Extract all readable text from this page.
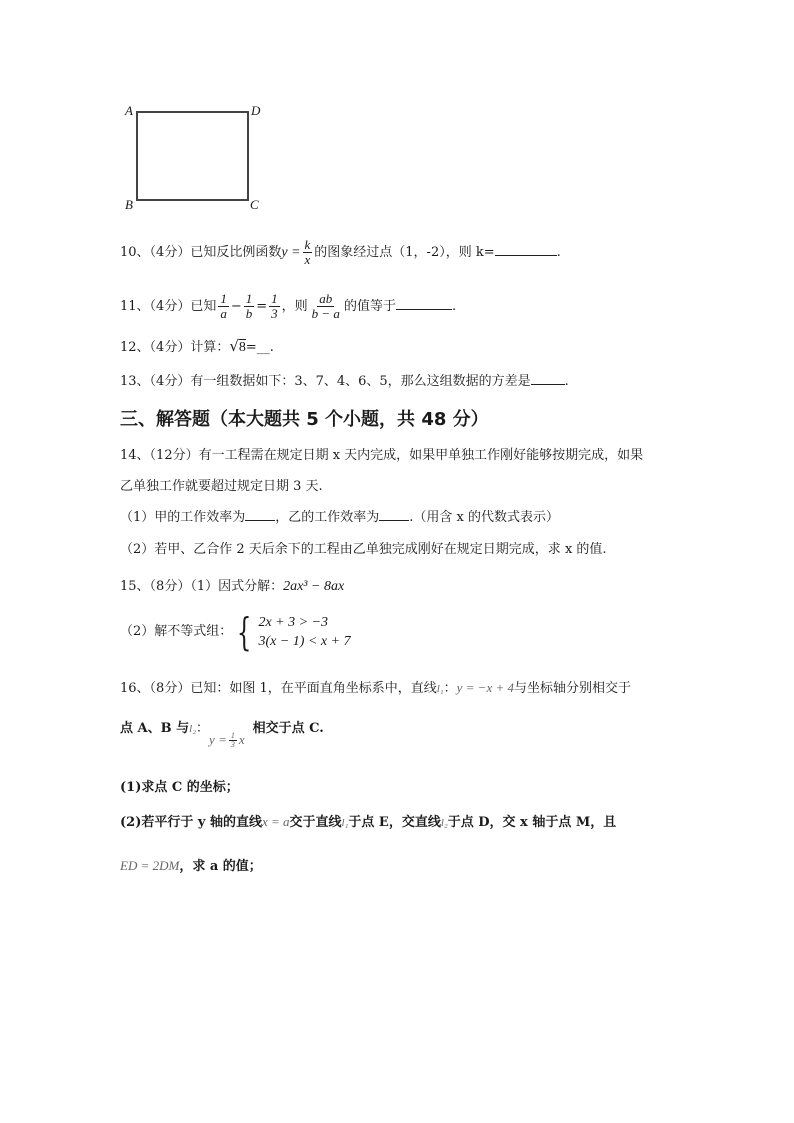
A	D
B	C
10、（4分）已知反比例函数$y = \frac{k}{x}$ 的图象经过点（1，-2），则 k=	.
11、（4分）已知 $\frac{1}{a} - \frac{1}{b} = \frac{1}{3}$ ，则 $\frac{ab}{b - a}$ 的值等于	.
12、（4分）计算：√8=__.
13、（4分）有一组数据如下：3、7、4、6、5，那么这组数据的方差是	.
三、解答题（本大题共 5 个小题，共 48 分）
14、（12分）有一工程需在规定日期 x 天内完成，如果甲单独工作刚好能够按期完成，如果
乙单独工作就要超过规定日期 3 天.
（1）甲的工作效率为 ，乙的工作效率为 .（用含 x 的代数式表示）
（2）若甲、乙合作 2 天后余下的工程由乙单独完成刚好在规定日期完成，求 x 的值.
15、（8分）（1）因式分解：2ax³ − 8ax
（2）解不等式组： { 2x + 3 > −3
3(x − 1) < x + 7
16、（8分）已知：如图 1，在平面直角坐标系中，直线l₁：y = −x + 4与坐标轴分别相交于
点 A、B 与l₂：$y = \frac{1}{3}$ x相交于点 C.
(1)求点 C 的坐标；
(2)若平行于 y 轴的直线x = a交于直线l₁于点 E，交直线l₂于点 D，交 x 轴于点 M，且
ED = 2DM，求 a 的值；
